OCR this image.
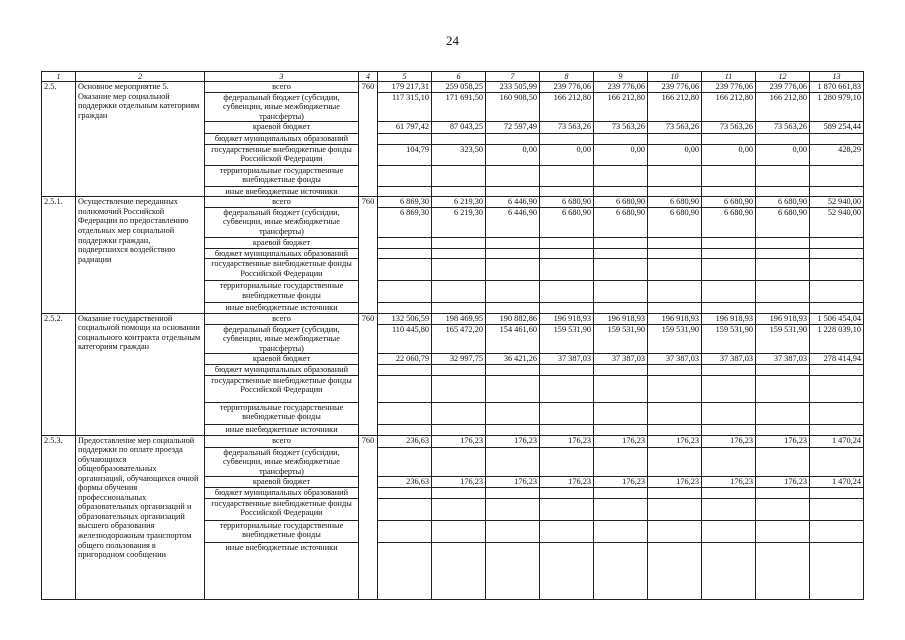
24
1	2	3	4	5	6	7	8	9	10	11	12	13
2.5.	Основное мероприятие 5. Оказание мер социальной поддержки отдельным категориям граждан	всего	760	179 217,31	259 058,25	233 505,99	239 776,06	239 776,06	239 776,06	239 776,06	239 776,06	1 870 661,83
		федеральный бюджет (субсидии, субвенции, иные межбюджетные трансферты)		117 315,10	171 691,50	160 908,50	166 212,80	166 212,80	166 212,80	166 212,80	166 212,80	1 280 979,10
		краевой бюджет		61 797,42	87 043,25	72 597,49	73 563,26	73 563,26	73 563,26	73 563,26	73 563,26	589 254,44
		бюджет муниципальных образований										
		государственные внебюджетные фонды Российской Федерации		104,79	323,50	0,00	0,00	0,00	0,00	0,00	0,00	428,29
		территориальные государственные внебюджетные фонды										
		иные внебюджетные источники										
2.5.1.	Осуществление переданных полномочий Российской Федерации по предоставлению отдельных мер социальной поддержки граждан, подвергшихся воздействию радиации	всего	760	6 869,30	6 219,30	6 446,90	6 680,90	6 680,90	6 680,90	6 680,90	6 680,90	52 940,00
		федеральный бюджет (субсидии, субвенции, иные межбюджетные трансферты)		6 869,30	6 219,30	6 446,90	6 680,90	6 680,90	6 680,90	6 680,90	6 680,90	52 940,00
		краевой бюджет										
		бюджет муниципальных образований										
		государственные внебюджетные фонды Российской Федерации										
		территориальные государственные внебюджетные фонды										
		иные внебюджетные источники										
2.5.2.	Оказание государственной социальной помощи на основании социального контракта отдельным категориям граждан	всего	760	132 506,59	198 469,95	190 882,86	196 918,93	196 918,93	196 918,93	196 918,93	196 918,93	1 506 454,04
		федеральный бюджет (субсидии, субвенции, иные межбюджетные трансферты)		110 445,80	165 472,20	154 461,60	159 531,90	159 531,90	159 531,90	159 531,90	159 531,90	1 228 039,10
		краевой бюджет		22 060,79	32 997,75	36 421,26	37 387,03	37 387,03	37 387,03	37 387,03	37 387,03	278 414,94
		бюджет муниципальных образований										
		государственные внебюджетные фонды Российской Федерации										
		территориальные государственные внебюджетные фонды										
		иные внебюджетные источники										
2.5.3.	Предоставление мер социальной поддержки по оплате проезда обучающихся общеобразовательных организаций, обучающихся очной формы обучения профессиональных образовательных организаций и образовательных организаций высшего образования железнодорожным транспортом общего пользования в пригородном сообщении	всего	760	236,63	176,23	176,23	176,23	176,23	176,23	176,23	176,23	1 470,24
		федеральный бюджет (субсидии, субвенции, иные межбюджетные трансферты)										
		краевой бюджет		236,63	176,23	176,23	176,23	176,23	176,23	176,23	176,23	1 470,24
		бюджет муниципальных образований										
		государственные внебюджетные фонды Российской Федерации										
		территориальные государственные внебюджетные фонды										
		иные внебюджетные источники										
